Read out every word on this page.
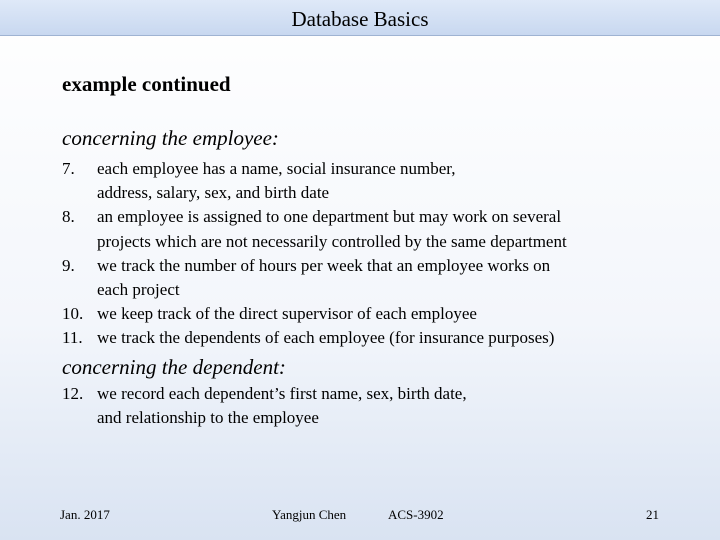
Database Basics
example continued
concerning the employee:
7.	each employee has a name, social insurance number,
address, salary, sex, and birth date
8.	an employee is assigned to one department but may work on several
projects which are not necessarily controlled by the same department
9.	we track the number of hours per week that an employee works on
each project
10. we keep track of the direct supervisor of each employee
11. we track the dependents of each employee (for insurance purposes)
concerning the dependent:
12. we record each dependent’s first name, sex, birth date,
and relationship to the employee
Jan. 2017	Yangjun Chen	ACS-3902	21
